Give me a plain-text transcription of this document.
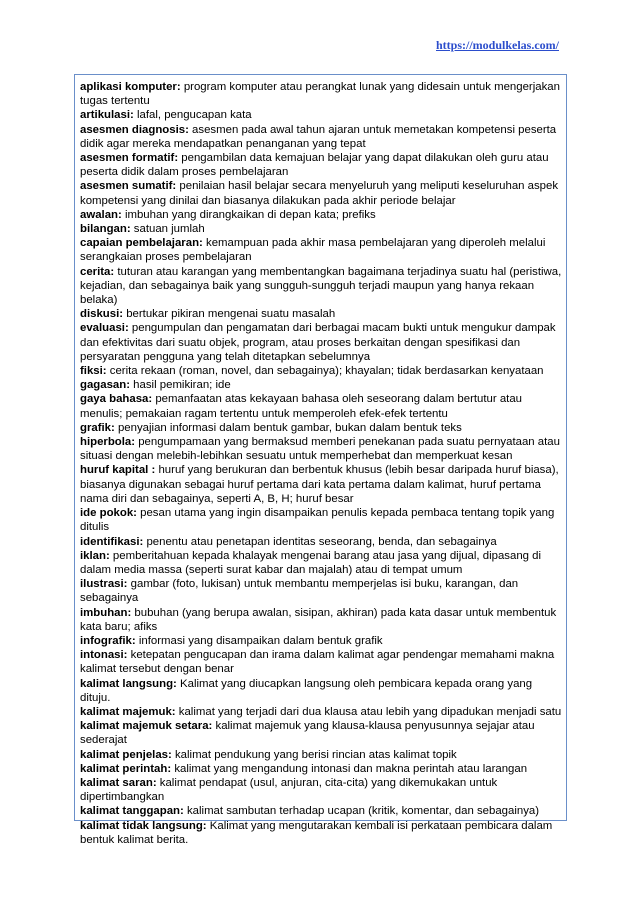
https://modulkelas.com/

aplikasi komputer: program komputer atau perangkat lunak yang didesain untuk mengerjakan tugas tertentu

artikulasi: lafal, pengucapan kata

asesmen diagnosis: asesmen pada awal tahun ajaran untuk memetakan kompetensi peserta didik agar mereka mendapatkan penanganan yang tepat

asesmen formatif: pengambilan data kemajuan belajar yang dapat dilakukan oleh guru atau peserta didik dalam proses pembelajaran

asesmen sumatif: penilaian hasil belajar secara menyeluruh yang meliputi keseluruhan aspek kompetensi yang dinilai dan biasanya dilakukan pada akhir periode belajar

awalan: imbuhan yang dirangkaikan di depan kata; prefiks

bilangan: satuan jumlah

capaian pembelajaran: kemampuan pada akhir masa pembelajaran yang diperoleh melalui serangkaian proses pembelajaran

cerita: tuturan atau karangan yang membentangkan bagaimana terjadinya suatu hal (peristiwa, kejadian, dan sebagainya baik yang sungguh-sungguh terjadi maupun yang hanya rekaan belaka)

diskusi: bertukar pikiran mengenai suatu masalah

evaluasi: pengumpulan dan pengamatan dari berbagai macam bukti untuk mengukur dampak dan efektivitas dari suatu objek, program, atau proses berkaitan dengan spesifikasi dan persyaratan pengguna yang telah ditetapkan sebelumnya

fiksi: cerita rekaan (roman, novel, dan sebagainya); khayalan; tidak berdasarkan kenyataan

gagasan: hasil pemikiran; ide

gaya bahasa: pemanfaatan atas kekayaan bahasa oleh seseorang dalam bertutur atau menulis; pemakaian ragam tertentu untuk memperoleh efek-efek tertentu

grafik: penyajian informasi dalam bentuk gambar, bukan dalam bentuk teks

hiperbola: pengumpamaan yang bermaksud memberi penekanan pada suatu pernyataan atau situasi dengan melebih-lebihkan sesuatu untuk memperhebat dan memperkuat kesan

huruf kapital : huruf yang berukuran dan berbentuk khusus (lebih besar daripada huruf biasa), biasanya digunakan sebagai huruf pertama dari kata pertama dalam kalimat, huruf pertama nama diri dan sebagainya, seperti A, B, H; huruf besar

ide pokok: pesan utama yang ingin disampaikan penulis kepada pembaca tentang topik yang ditulis

identifikasi: penentu atau penetapan identitas seseorang, benda, dan sebagainya

iklan: pemberitahuan kepada khalayak mengenai barang atau jasa yang dijual, dipasang di dalam media massa (seperti surat kabar dan majalah) atau di tempat umum

ilustrasi: gambar (foto, lukisan) untuk membantu memperjelas isi buku, karangan, dan sebagainya

imbuhan: bubuhan (yang berupa awalan, sisipan, akhiran) pada kata dasar untuk membentuk kata baru; afiks

infografik: informasi yang disampaikan dalam bentuk grafik

intonasi: ketepatan pengucapan dan irama dalam kalimat agar pendengar memahami makna kalimat tersebut dengan benar

kalimat langsung: Kalimat yang diucapkan langsung oleh pembicara kepada orang yang dituju.

kalimat majemuk: kalimat yang terjadi dari dua klausa atau lebih yang dipadukan menjadi satu

kalimat majemuk setara: kalimat majemuk yang klausa-klausa penyusunnya sejajar atau sederajat

kalimat penjelas: kalimat pendukung yang berisi rincian atas kalimat topik

kalimat perintah: kalimat yang mengandung intonasi dan makna perintah atau larangan

kalimat saran: kalimat pendapat (usul, anjuran, cita-cita) yang dikemukakan untuk dipertimbangkan

kalimat tanggapan: kalimat sambutan terhadap ucapan (kritik, komentar, dan sebagainya)

kalimat tidak langsung: Kalimat yang mengutarakan kembali isi perkataan pembicara dalam bentuk kalimat berita.
